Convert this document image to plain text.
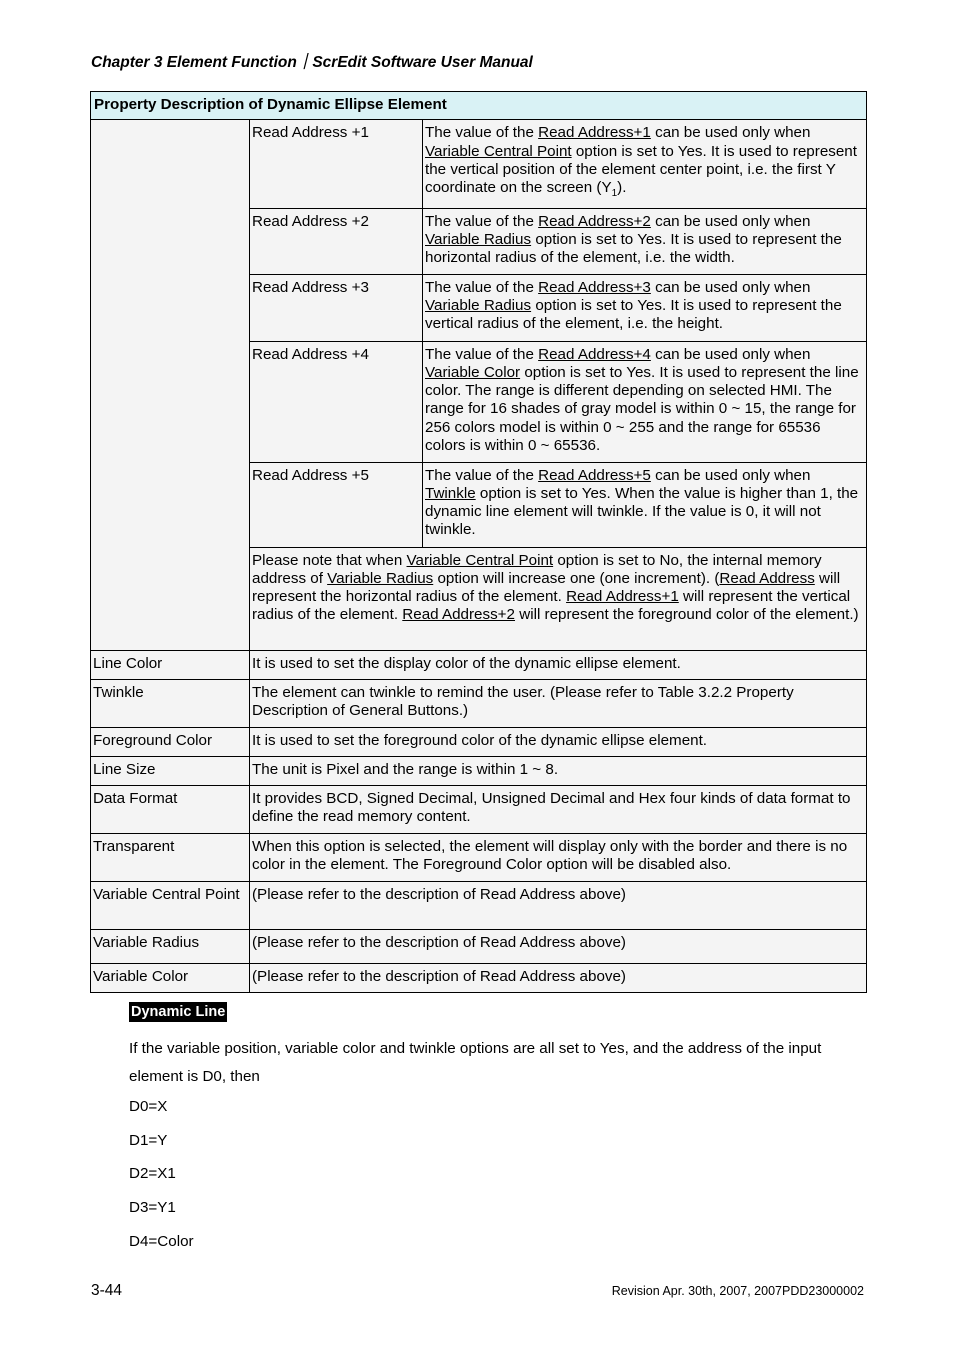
Chapter 3 Element Function｜ScrEdit Software User Manual
Property Description of Dynamic Ellipse Element		
	Read Address +1	The value of the Read Address+1 can be used only when Variable Central Point option is set to Yes. It is used to represent the vertical position of the element center point, i.e. the first Y coordinate on the screen $(Y_1)$.
	Read Address +2	The value of the Read Address+2 can be used only when Variable Radius option is set to Yes. It is used to represent the horizontal radius of the element, i.e. the width.
	Read Address +3	The value of the Read Address+3 can be used only when Variable Radius option is set to Yes. It is used to represent the vertical radius of the element, i.e. the height.
	Read Address +4	The value of the Read Address+4 can be used only when Variable Color option is set to Yes. It is used to represent the line color. The range is different depending on selected HMI. The range for 16 shades of gray model is within 0 ~ 15, the range for 256 colors model is within 0 ~ 255 and the range for 65536 colors is within 0 ~ 65536.
	Read Address +5	The value of the Read Address+5 can be used only when Twinkle option is set to Yes. When the value is higher than 1, the dynamic line element will twinkle. If the value is 0, it will not twinkle.
	Please note that when Variable Central Point option is set to No, the internal memory address of Variable Radius option will increase one (one increment). (Read Address will represent the horizontal radius of the element. Read Address+1 will represent the vertical radius of the element. Read Address+2 will represent the foreground color of the element.)	
Line Color	It is used to set the display color of the dynamic ellipse element.	
Twinkle	The element can twinkle to remind the user. (Please refer to Table 3.2.2 Property Description of General Buttons.)	
Foreground Color	It is used to set the foreground color of the dynamic ellipse element.	
Line Size	The unit is Pixel and the range is within 1 ~ 8.	
Data Format	It provides BCD, Signed Decimal, Unsigned Decimal and Hex four kinds of data format to define the read memory content.	
Transparent	When this option is selected, the element will display only with the border and there is no color in the element. The Foreground Color option will be disabled also.	
Variable Central Point	(Please refer to the description of Read Address above)	
Variable Radius	(Please refer to the description of Read Address above)	
Variable Color	(Please refer to the description of Read Address above)	
Dynamic Line
If the variable position, variable color and twinkle options are all set to Yes, and the address of the input element is D0, then
D0=X
D1=Y
D2=X1
D3=Y1
D4=Color
3-44	Revision Apr. 30th, 2007, 2007PDD23000002
